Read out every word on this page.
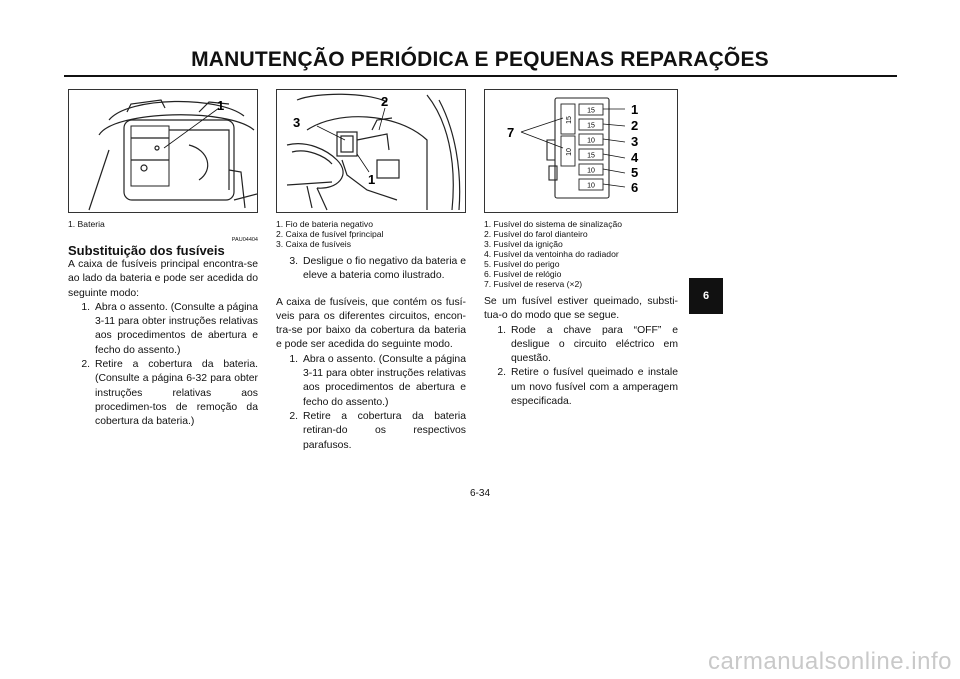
MANUTENÇÃO PERIÓDICA E PEQUENAS REPARAÇÕES
1
1. Bateria
PAU04404
Substituição dos fusíveis

A caixa de fusíveis principal encontra-se ao lado da bateria e pode ser acedida do seguinte modo:

1. Abra o assento. (Consulte a página 3-11 para obter instruções relativas aos procedimentos de abertura e fecho do assento.)
2. Retire a cobertura da bateria. (Consulte a página 6-32 para obter instruções relativas aos procedimen-tos de remoção da cobertura da bateria.)
2
3
1
1. Fio de bateria negativo
2. Caixa de fusível fprincipal
3. Caixa de fusíveis
3. Desligue o fio negativo da bateria e eleve a bateria como ilustrado.

A caixa de fusíveis, que contém os fusí-veis para os diferentes circuitos, encon-tra-se por baixo da cobertura da bateria e pode ser acedida do seguinte modo.

1. Abra o assento. (Consulte a página 3-11 para obter instruções relativas aos procedimentos de abertura e fecho do assento.)
2. Retire a cobertura da bateria retiran-do os respectivos parafusos.
15
10
15
15
10
15
10
10
1
2
3
4
5
6
7
1. Fusível do sistema de sinalização
2. Fusível do farol dianteiro
3. Fusível da ignição
4. Fusível da ventoinha do radiador
5. Fusível do perigo
6. Fusível de relógio
7. Fusível de reserva (×2)

Se um fusível estiver queimado, substi-tua-o do modo que se segue.

1. Rode a chave para “OFF” e desligue o circuito eléctrico em questão.
2. Retire o fusível queimado e instale um novo fusível com a amperagem especificada.
6
6-34
carmanualsonline.info
